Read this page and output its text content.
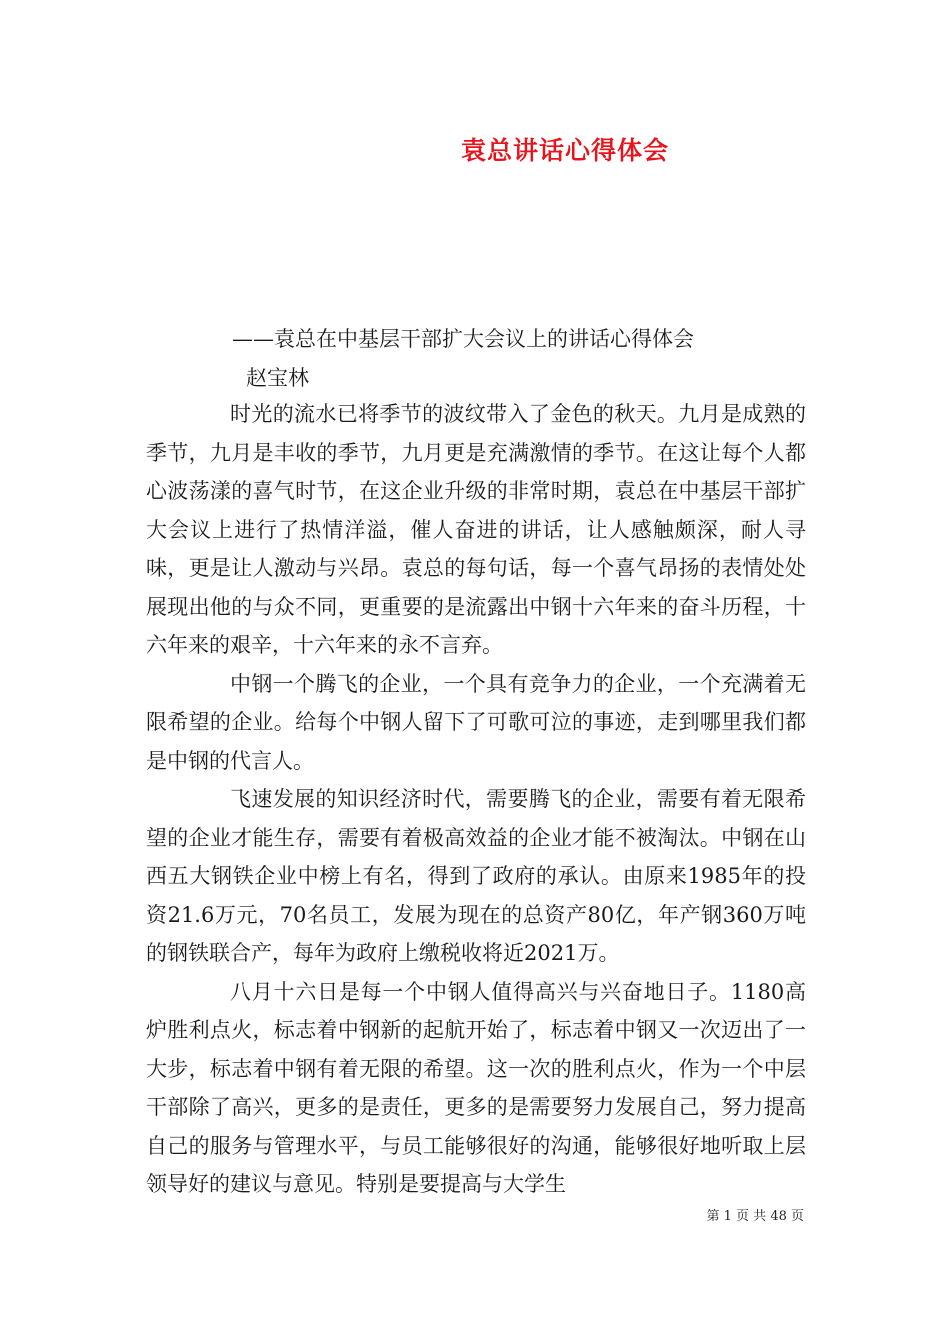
袁总讲话心得体会
——袁总在中基层干部扩大会议上的讲话心得体会
赵宝林

时光的流水已将季节的波纹带入了金色的秋天。九月是成熟的季节，九月是丰收的季节，九月更是充满激情的季节。在这让每个人都心波荡漾的喜气时节，在这企业升级的非常时期，袁总在中基层干部扩大会议上进行了热情洋溢，催人奋进的讲话，让人感触颇深，耐人寻味，更是让人激动与兴昂。袁总的每句话，每一个喜气昂扬的表情处处展现出他的与众不同，更重要的是流露出中钢十六年来的奋斗历程，十六年来的艰辛，十六年来的永不言弃。

中钢一个腾飞的企业，一个具有竞争力的企业，一个充满着无限希望的企业。给每个中钢人留下了可歌可泣的事迹，走到哪里我们都是中钢的代言人。

飞速发展的知识经济时代，需要腾飞的企业，需要有着无限希望的企业才能生存，需要有着极高效益的企业才能不被淘汰。中钢在山西五大钢铁企业中榜上有名，得到了政府的承认。由原来1985年的投资21.6万元，70名员工，发展为现在的总资产80亿，年产钢360万吨的钢铁联合产，每年为政府上缴税收将近2021万。

八月十六日是每一个中钢人值得高兴与兴奋地日子。1180高炉胜利点火，标志着中钢新的起航开始了，标志着中钢又一次迈出了一大步，标志着中钢有着无限的希望。这一次的胜利点火，作为一个中层干部除了高兴，更多的是责任，更多的是需要努力发展自己，努力提高自己的服务与管理水平，与员工能够很好的沟通，能够很好地听取上层领导好的建议与意见。特别是要提高与大学生

第 1 页 共 48 页
